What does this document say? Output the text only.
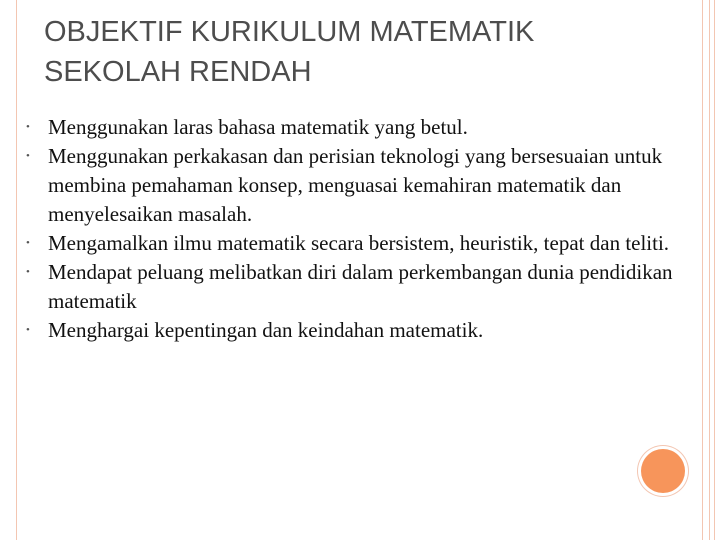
OBJEKTIF KURIKULUM MATEMATIK
SEKOLAH RENDAH
• Menggunakan laras bahasa matematik yang betul.
• Menggunakan perkakasan dan perisian teknologi yang bersesuaian untuk membina pemahaman konsep, menguasai kemahiran matematik dan menyelesaikan masalah.
• Mengamalkan ilmu matematik secara bersistem, heuristik, tepat dan teliti.
• Mendapat peluang melibatkan diri dalam perkembangan dunia pendidikan matematik
• Menghargai kepentingan dan keindahan matematik.
